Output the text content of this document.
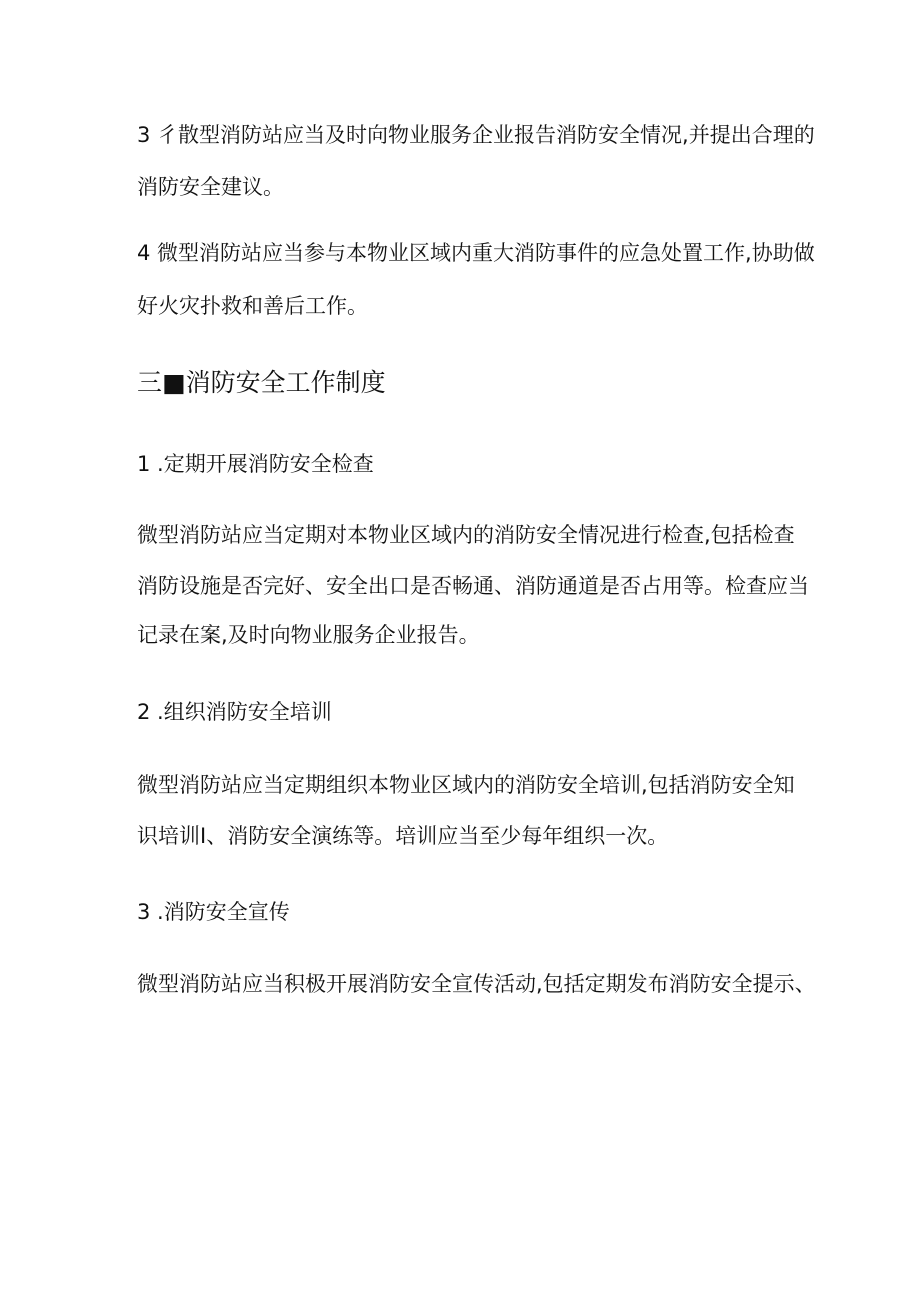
3 彳散型消防站应当及时向物业服务企业报告消防安全情况,并提出合理的
消防安全建议。
4 微型消防站应当参与本物业区域内重大消防事件的应急处置工作,协助做
好火灾扑救和善后工作。
三■消防安全工作制度
1 .定期开展消防安全检查
微型消防站应当定期对本物业区域内的消防安全情况进行检查,包括检查
消防设施是否完好、安全出口是否畅通、消防通道是否占用等。检查应当
记录在案,及时向物业服务企业报告。
2 .组织消防安全培训
微型消防站应当定期组织本物业区域内的消防安全培训,包括消防安全知
识培训I、消防安全演练等。培训应当至少每年组织一次。
3 .消防安全宣传
微型消防站应当积极开展消防安全宣传活动,包括定期发布消防安全提示、
